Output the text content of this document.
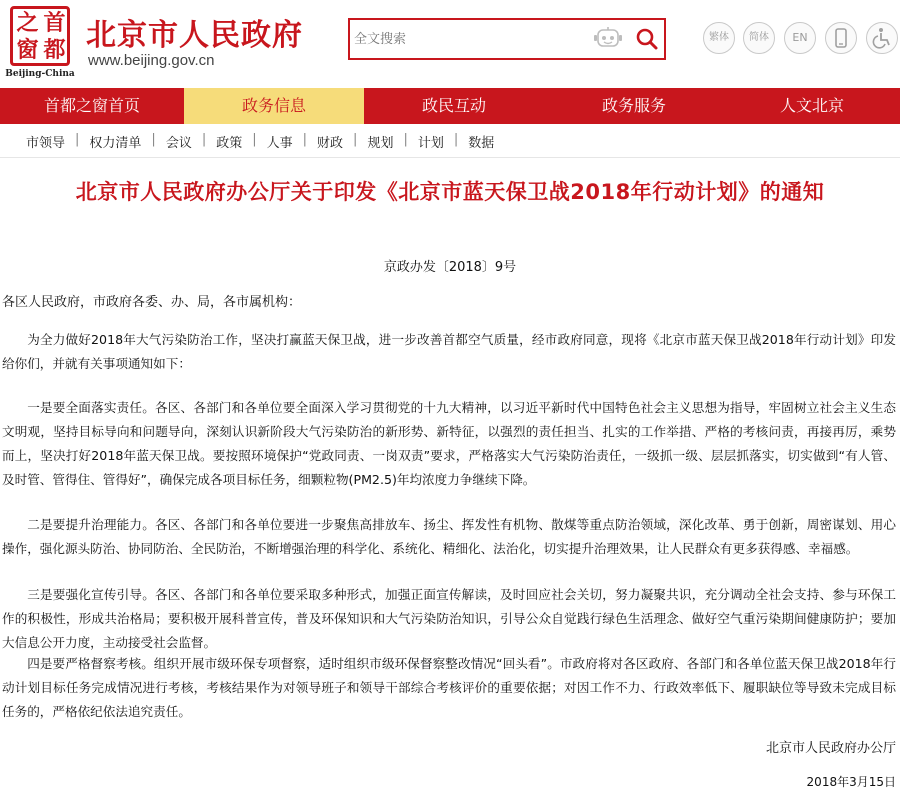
之 首
窗 都
Beijing-China
北京市人民政府
www.beijing.gov.cn
全文搜索
繁体	简体	EN
首都之窗首页	政务信息	政民互动	政务服务	人文北京
市领导 | 权力清单 | 会议 | 政策 | 人事 | 财政 | 规划 | 计划 | 数据
北京市人民政府办公厅关于印发《北京市蓝天保卫战2018年行动计划》的通知
京政办发〔2018〕9号
各区人民政府，市政府各委、办、局，各市属机构：

为全力做好2018年大气污染防治工作，坚决打赢蓝天保卫战，进一步改善首都空气质量，经市政府同意，现将《北京市蓝天保卫战2018年行动计划》印发给你们，并就有关事项通知如下：

一是要全面落实责任。各区、各部门和各单位要全面深入学习贯彻党的十九大精神，以习近平新时代中国特色社会主义思想为指导，牢固树立社会主义生态文明观，坚持目标导向和问题导向，深刻认识新阶段大气污染防治的新形势、新特征，以强烈的责任担当、扎实的工作举措、严格的考核问责，再接再厉，乘势而上，坚决打好2018年蓝天保卫战。要按照环境保护“党政同责、一岗双责”要求，严格落实大气污染防治责任，一级抓一级、层层抓落实，切实做到“有人管、及时管、管得住、管得好”，确保完成各项目标任务，细颗粒物(PM2.5)年均浓度力争继续下降。

二是要提升治理能力。各区、各部门和各单位要进一步聚焦高排放车、扬尘、挥发性有机物、散煤等重点防治领域，深化改革、勇于创新，周密谋划、用心操作，强化源头防治、协同防治、全民防治，不断增强治理的科学化、系统化、精细化、法治化，切实提升治理效果，让人民群众有更多获得感、幸福感。

三是要强化宣传引导。各区、各部门和各单位要采取多种形式，加强正面宣传解读，及时回应社会关切，努力凝聚共识，充分调动全社会支持、参与环保工作的积极性，形成共治格局；要积极开展科普宣传，普及环保知识和大气污染防治知识，引导公众自觉践行绿色生活理念、做好空气重污染期间健康防护；要加大信息公开力度，主动接受社会监督。

四是要严格督察考核。组织开展市级环保专项督察，适时组织市级环保督察整改情况“回头看”。市政府将对各区政府、各部门和各单位蓝天保卫战2018年行动计划目标任务完成情况进行考核，考核结果作为对领导班子和领导干部综合考核评价的重要依据；对因工作不力、行政效率低下、履职缺位等导致未完成目标任务的，严格依纪依法追究责任。

北京市人民政府办公厅
2018年3月15日
